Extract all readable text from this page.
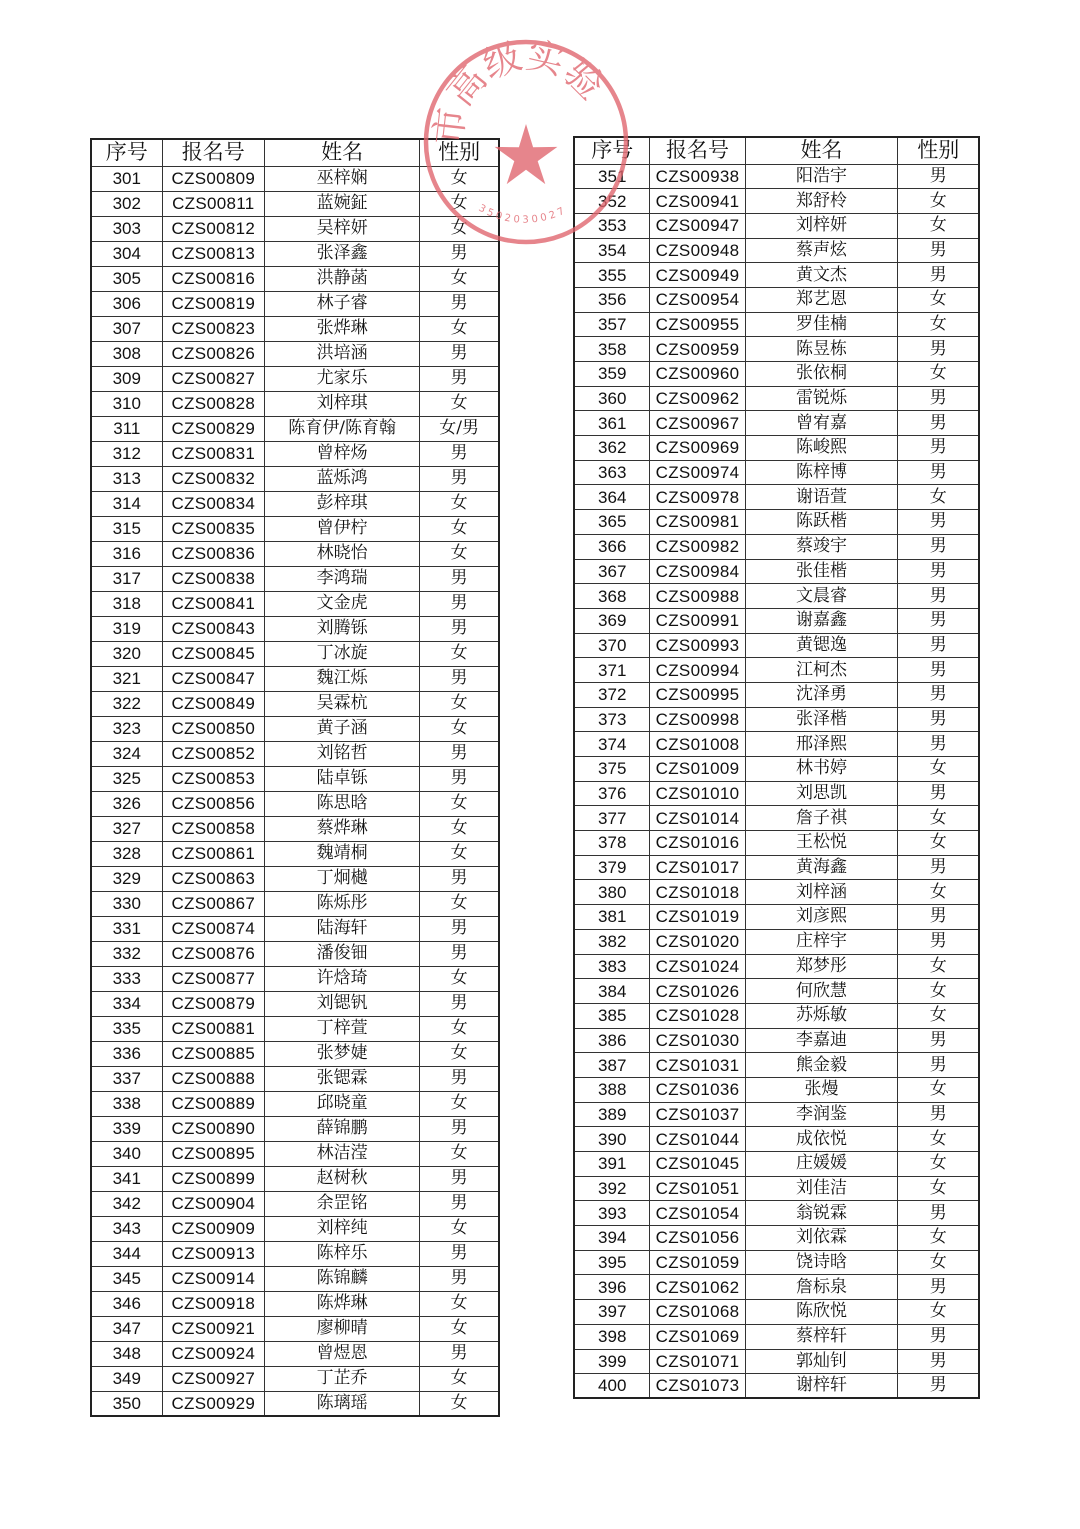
序号	报名号	姓名	性别
301	CZS00809	巫梓娴	女
302	CZS00811	蓝婉鉦	女
303	CZS00812	吴梓妍	女
304	CZS00813	张泽鑫	男
305	CZS00816	洪静菡	女
306	CZS00819	林子睿	男
307	CZS00823	张烨琳	女
308	CZS00826	洪培涵	男
309	CZS00827	尤家乐	男
310	CZS00828	刘梓琪	女
311	CZS00829	陈育伊/陈育翰	女/男
312	CZS00831	曾梓炀	男
313	CZS00832	蓝烁鸿	男
314	CZS00834	彭梓琪	女
315	CZS00835	曾伊柠	女
316	CZS00836	林晓怡	女
317	CZS00838	李鸿瑞	男
318	CZS00841	文金虎	男
319	CZS00843	刘腾铄	男
320	CZS00845	丁冰旋	女
321	CZS00847	魏江烁	男
322	CZS00849	吴霖杭	女
323	CZS00850	黄子涵	女
324	CZS00852	刘铭哲	男
325	CZS00853	陆卓铄	男
326	CZS00856	陈思晗	女
327	CZS00858	蔡烨琳	女
328	CZS00861	魏靖桐	女
329	CZS00863	丁炯樾	男
330	CZS00867	陈烁彤	女
331	CZS00874	陆海轩	男
332	CZS00876	潘俊钿	男
333	CZS00877	许焓琦	女
334	CZS00879	刘锶钒	男
335	CZS00881	丁梓萱	女
336	CZS00885	张梦婕	女
337	CZS00888	张锶霖	男
338	CZS00889	邱晓童	女
339	CZS00890	薛锦鹏	男
340	CZS00895	林洁滢	女
341	CZS00899	赵树秋	男
342	CZS00904	余罡铭	男
343	CZS00909	刘梓纯	女
344	CZS00913	陈梓乐	男
345	CZS00914	陈锦麟	男
346	CZS00918	陈烨琳	女
347	CZS00921	廖柳晴	女
348	CZS00924	曾煜恩	男
349	CZS00927	丁芷乔	女
350	CZS00929	陈璃瑶	女
序号	报名号	姓名	性别
351	CZS00938	阳浩宇	男
352	CZS00941	郑舒柃	女
353	CZS00947	刘梓妍	女
354	CZS00948	蔡声炫	男
355	CZS00949	黄文杰	男
356	CZS00954	郑艺恩	女
357	CZS00955	罗佳楠	女
358	CZS00959	陈昱栋	男
359	CZS00960	张依桐	女
360	CZS00962	雷锐烁	男
361	CZS00967	曾宥嘉	男
362	CZS00969	陈峻熙	男
363	CZS00974	陈梓博	男
364	CZS00978	谢语萱	女
365	CZS00981	陈跃楷	男
366	CZS00982	蔡竣宇	男
367	CZS00984	张佳楷	男
368	CZS00988	文晨睿	男
369	CZS00991	谢嘉鑫	男
370	CZS00993	黄锶逸	男
371	CZS00994	江柯杰	男
372	CZS00995	沈泽勇	男
373	CZS00998	张泽楷	男
374	CZS01008	邢泽熙	男
375	CZS01009	林书婷	女
376	CZS01010	刘思凯	男
377	CZS01014	詹子祺	女
378	CZS01016	王松悦	女
379	CZS01017	黄海鑫	男
380	CZS01018	刘梓涵	女
381	CZS01019	刘彦熙	男
382	CZS01020	庄梓宇	男
383	CZS01024	郑梦彤	女
384	CZS01026	何欣慧	女
385	CZS01028	苏烁敏	女
386	CZS01030	李嘉迪	男
387	CZS01031	熊金毅	男
388	CZS01036	张熳	女
389	CZS01037	李润鉴	男
390	CZS01044	成依悦	女
391	CZS01045	庄媛媛	女
392	CZS01051	刘佳洁	女
393	CZS01054	翁锐霖	男
394	CZS01056	刘依霖	女
395	CZS01059	饶诗晗	女
396	CZS01062	詹标泉	男
397	CZS01068	陈欣悦	女
398	CZS01069	蔡梓轩	男
399	CZS01071	郭灿钊	男
400	CZS01073	谢梓轩	男
市高级实验
3502030027
